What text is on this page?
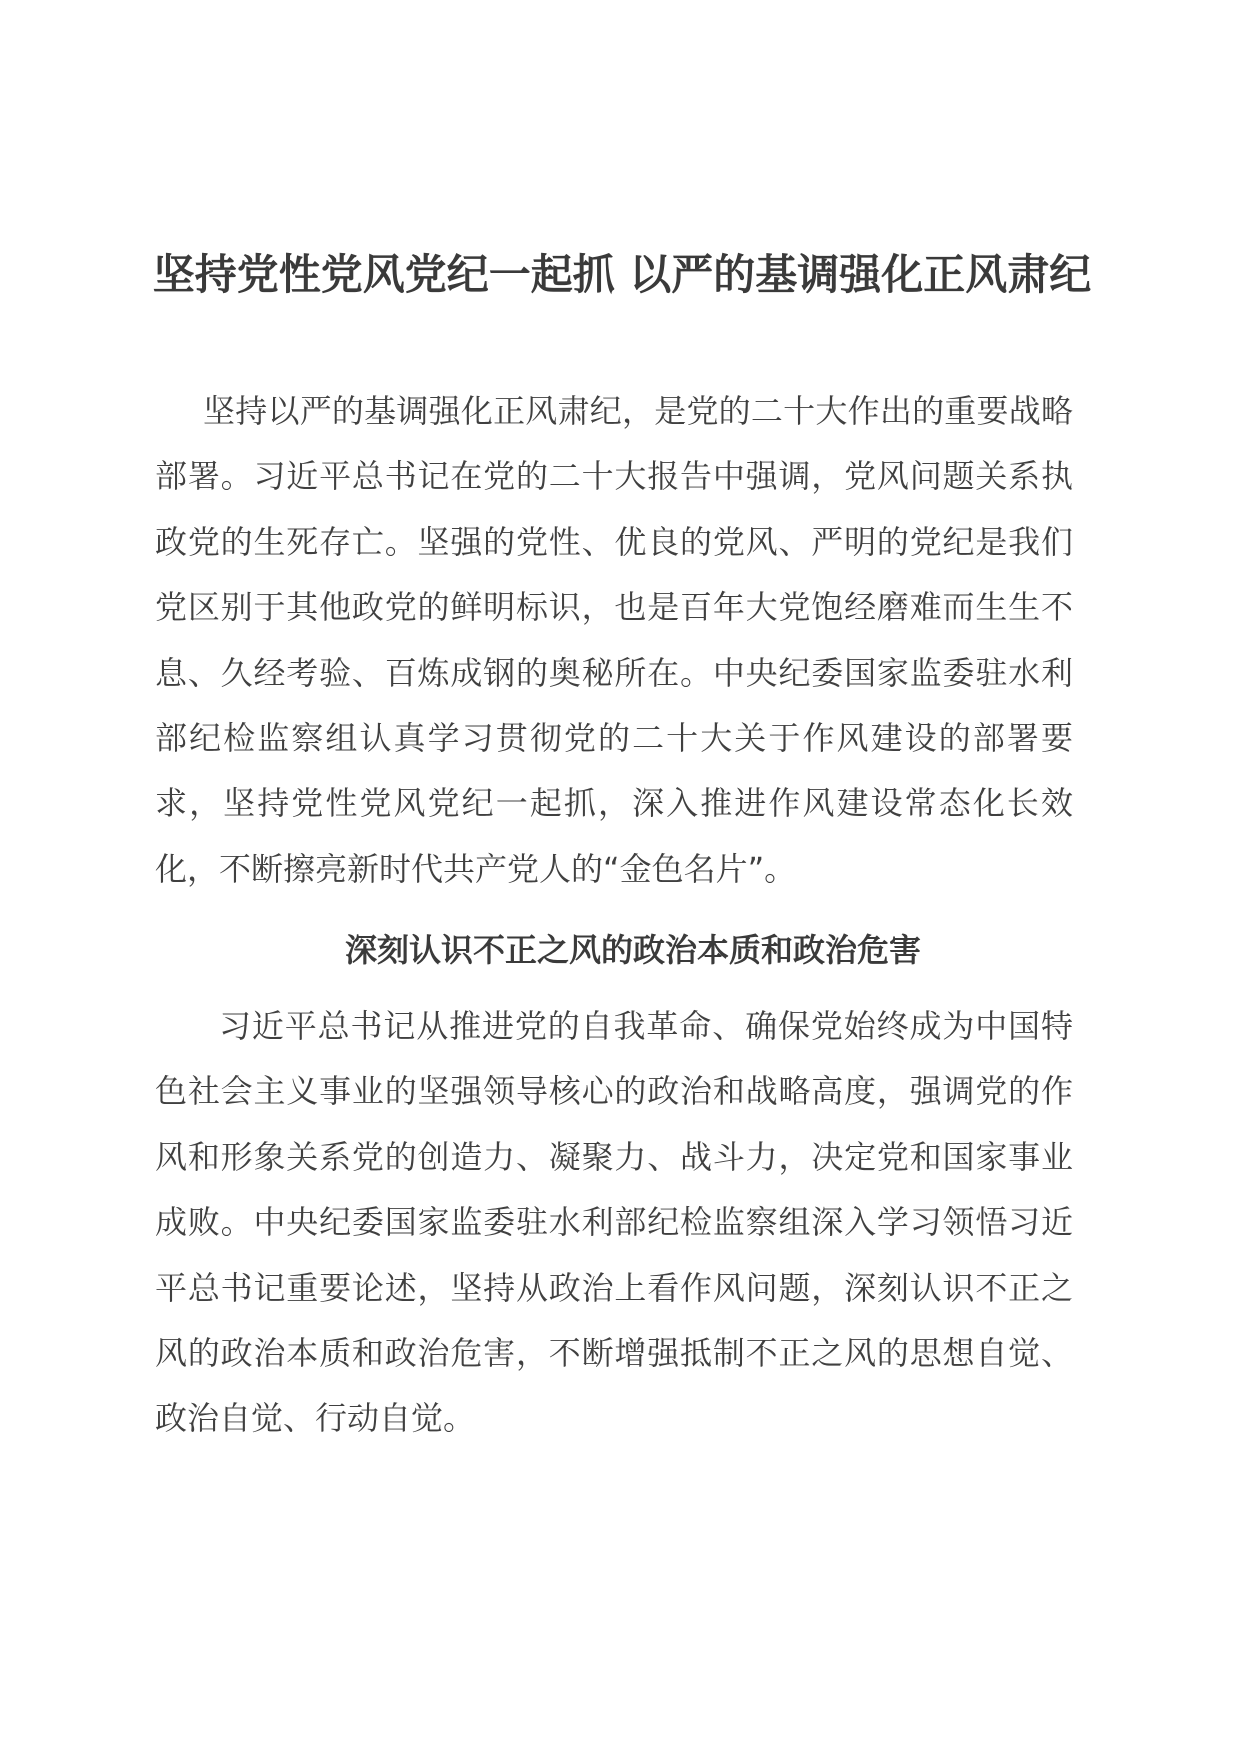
坚持党性党风党纪一起抓 以严的基调强化正风肃纪

坚持以严的基调强化正风肃纪，是党的二十大作出的重要战略部署。习近平总书记在党的二十大报告中强调，党风问题关系执政党的生死存亡。坚强的党性、优良的党风、严明的党纪是我们党区别于其他政党的鲜明标识，也是百年大党饱经磨难而生生不息、久经考验、百炼成钢的奥秘所在。中央纪委国家监委驻水利部纪检监察组认真学习贯彻党的二十大关于作风建设的部署要求，坚持党性党风党纪一起抓，深入推进作风建设常态化长效化，不断擦亮新时代共产党人的“金色名片”。

深刻认识不正之风的政治本质和政治危害

习近平总书记从推进党的自我革命、确保党始终成为中国特色社会主义事业的坚强领导核心的政治和战略高度，强调党的作风和形象关系党的创造力、凝聚力、战斗力，决定党和国家事业成败。中央纪委国家监委驻水利部纪检监察组深入学习领悟习近平总书记重要论述，坚持从政治上看作风问题，深刻认识不正之风的政治本质和政治危害，不断增强抵制不正之风的思想自觉、政治自觉、行动自觉。
